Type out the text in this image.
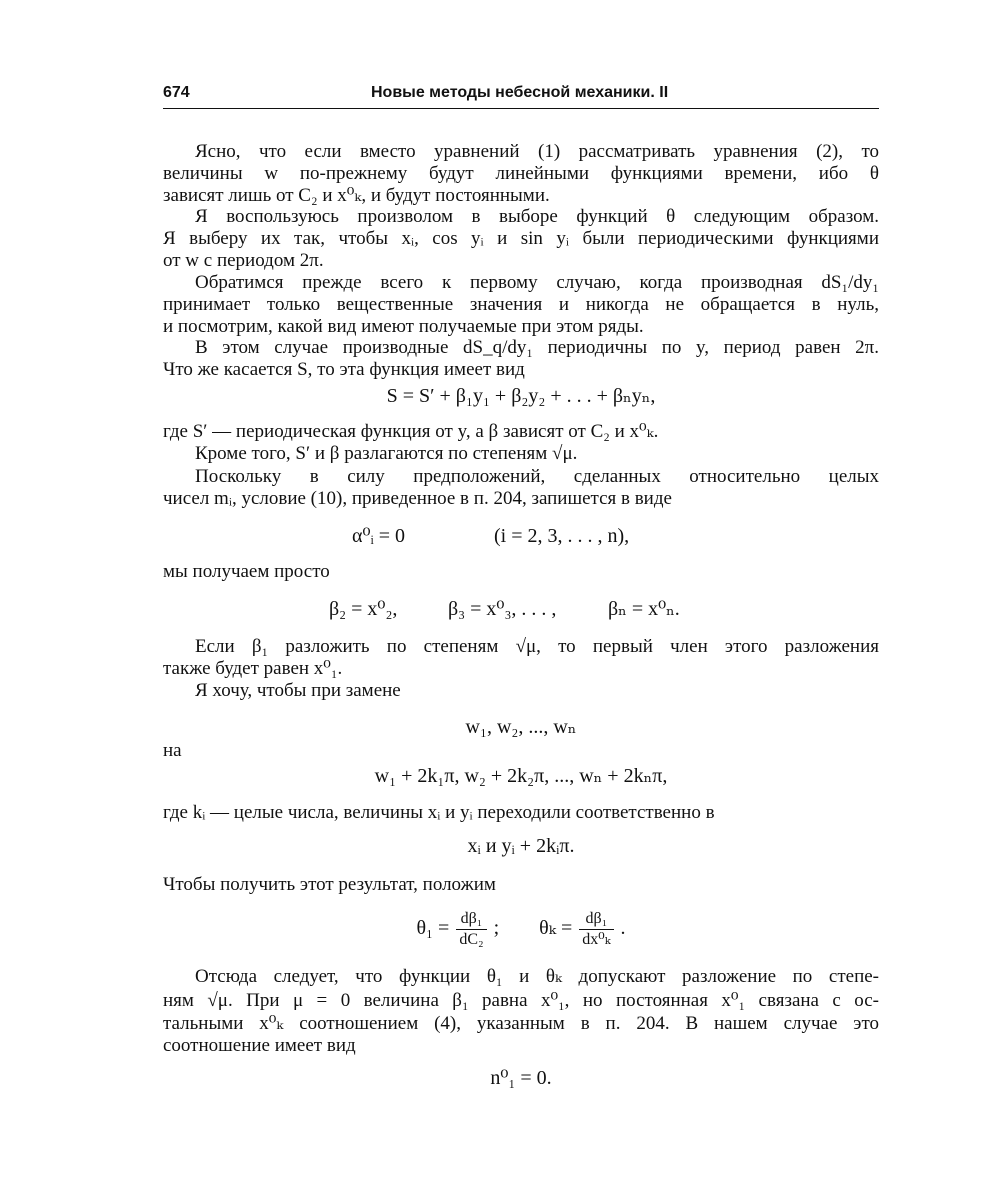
674	Новые методы небесной механики. II
Ясно, что если вместо уравнений (1) рассматривать уравнения (2), то
величины w по-прежнему будут линейными функциями времени, ибо θ
зависят лишь от C₂ и x⁰ₖ, и будут постоянными.
Я воспользуюсь произволом в выборе функций θ следующим образом.
Я выберу их так, чтобы xᵢ, cos yᵢ и sin yᵢ были периодическими функциями
от w с периодом 2π.
Обратимся прежде всего к первому случаю, когда производная dS₁/dy₁
принимает только вещественные значения и никогда не обращается в нуль,
и посмотрим, какой вид имеют получаемые при этом ряды.
В этом случае производные dS_q/dy₁ периодичны по y, период равен 2π.
Что же касается S, то эта функция имеет вид
S = S′ + β₁y₁ + β₂y₂ + . . . + βₙyₙ,
где S′ — периодическая функция от y, а β зависят от C₂ и x⁰ₖ.
Кроме того, S′ и β разлагаются по степеням √μ.
Поскольку в силу предположений, сделанных относительно целых
чисел mᵢ, условие (10), приведенное в п. 204, запишется в виде
α⁰ᵢ = 0	(i = 2, 3, . . . , n),
мы получаем просто
β₂ = x⁰₂,	β₃ = x⁰₃, . . . ,	βₙ = x⁰ₙ.
Если β₁ разложить по степеням √μ, то первый член этого разложения
также будет равен x⁰₁.
Я хочу, чтобы при замене
w₁, w₂, ..., wₙ
на
w₁ + 2k₁π, w₂ + 2k₂π, ..., wₙ + 2kₙπ,
где kᵢ — целые числа, величины xᵢ и yᵢ переходили соответственно в
xᵢ и yᵢ + 2kᵢπ.
Чтобы получить этот результат, положим
$\theta_1 = \frac{\text{dβ₁}}{\text{dC₂}}$ ; $\theta_k = \frac{\text{dβ₁}}{\text{dx⁰ₖ}}$ .
Отсюда следует, что функции θ₁ и θₖ допускают разложение по степе-
ням √μ. При μ = 0 величина β₁ равна x⁰₁, но постоянная x⁰₁ связана с ос-
тальными x⁰ₖ соотношением (4), указанным в п. 204. В нашем случае это
соотношение имеет вид
n⁰₁ = 0.
